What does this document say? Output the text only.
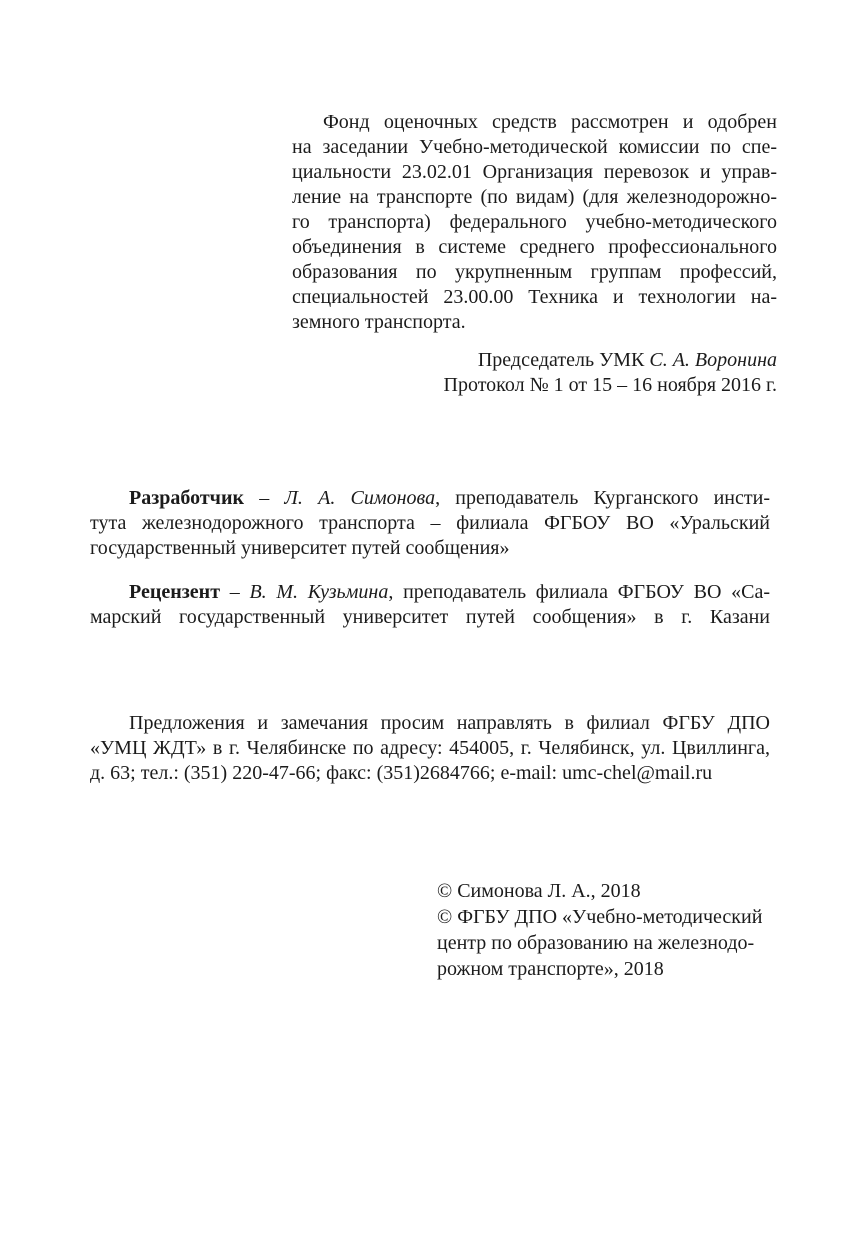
Фонд оценочных средств рассмотрен и одобрен
на заседании Учебно-методической комиссии по спе-
циальности 23.02.01 Организация перевозок и управ-
ление на транспорте (по видам) (для железнодорожно-
го транспорта) федерального учебно-методического
объединения в системе среднего профессионального
образования по укрупненным группам профессий,
специальностей 23.00.00 Техника и технологии на-
земного транспорта.
Председатель УМК С. А. Воронина
Протокол № 1 от 15 – 16 ноября 2016 г.
Разработчик – Л. А. Симонова, преподаватель Курганского инсти-
тута железнодорожного транспорта – филиала ФГБОУ ВО «Уральский
государственный университет путей сообщения»
Рецензент – В. М. Кузьмина, преподаватель филиала ФГБОУ ВО «Са-
марский государственный университет путей сообщения» в г. Казани
Предложения и замечания просим направлять в филиал ФГБУ ДПО
«УМЦ ЖДТ» в г. Челябинске по адресу: 454005, г. Челябинск, ул. Цвиллинга,
д. 63; тел.: (351) 220-47-66; факс: (351)2684766; e-mail: umc-chel@mail.ru
© Симонова Л. А., 2018
© ФГБУ ДПО «Учебно-методический
центр по образованию на железнодо-
рожном транспорте», 2018
